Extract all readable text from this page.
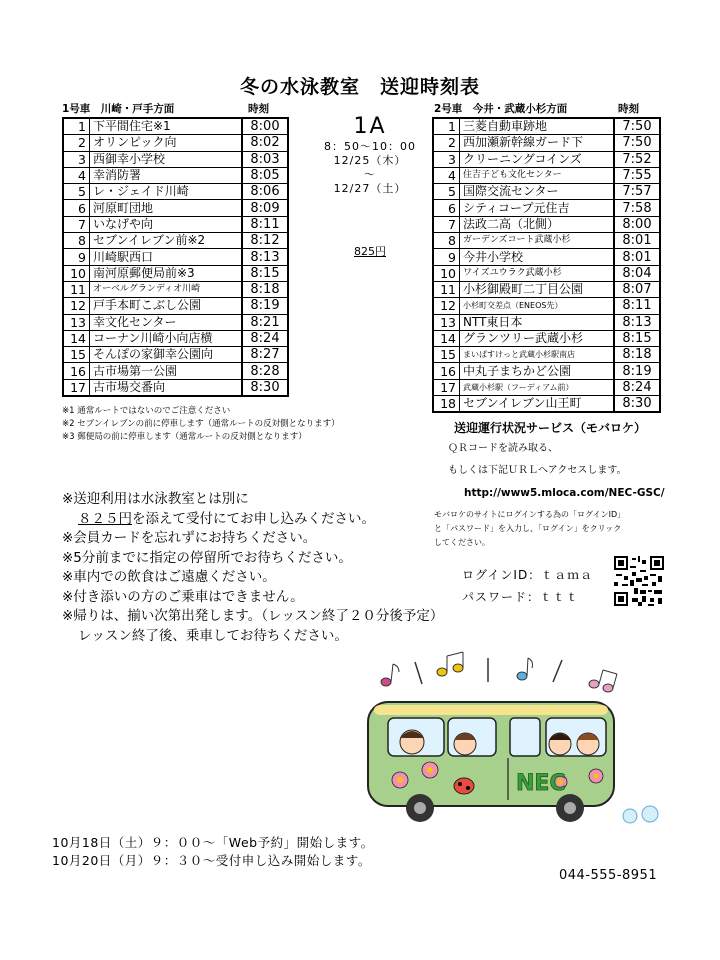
冬の水泳教室　送迎時刻表
1号車　川崎・戸手方面	時刻
1	下平間住宅※1	8:00
2	オリンピック向	8:02
3	西御幸小学校	8:03
4	幸消防署	8:05
5	レ・ジェイド川崎	8:06
6	河原町団地	8:09
7	いなげや向	8:11
8	セブンイレブン前※2	8:12
9	川崎駅西口	8:13
10	南河原郵便局前※3	8:15
11	オーベルグランディオ川崎	8:18
12	戸手本町こぶし公園	8:19
13	幸文化センター	8:21
14	コーナン川崎小向店横	8:24
15	そんぽの家御幸公園向	8:27
16	古市場第一公園	8:28
17	古市場交番向	8:30
2号車　今井・武蔵小杉方面	時刻
1	三菱自動車跡地	7:50
2	西加瀬新幹線ガード下	7:50
3	クリーニングコインズ	7:52
4	住吉子ども文化センター	7:55
5	国際交流センター	7:57
6	シティコープ元住吉	7:58
7	法政二高（北側）	8:00
8	ガーデンズコート武蔵小杉	8:01
9	今井小学校	8:01
10	ワイズユウラク武蔵小杉	8:04
11	小杉御殿町二丁目公園	8:07
12	小杉町交差点（ENEOS先）	8:11
13	NTT東日本	8:13
14	グランツリー武蔵小杉	8:15
15	まいばすけっと武蔵小杉駅南店	8:18
16	中丸子まちかど公園	8:19
17	武蔵小杉駅（フーディアム前）	8:24
18	セブンイレブン山王町	8:30
1A
8：50〜10：00
12/25（木）
〜
12/27（土）
825円
※1 通常ルートではないのでご注意ください
※2 セブンイレブンの前に停車します（通常ルートの反対側となります）
※3 郵便局の前に停車します（通常ルートの反対側となります）
送迎運行状況サービス（モバロケ）
ＱＲコードを読み取る、
もしくは下記ＵＲＬへアクセスします。
http://www5.mloca.com/NEC-GSC/
モバロケのサイトにログインする為の「ログインID」
と「パスワード」を入力し、「ログイン」をクリック
してください。
ログインID：ｔａｍａ
パスワード：ｔｔｔ
※送迎利用は水泳教室とは別に
８２５円を添えて受付にてお申し込みください。
※会員カードを忘れずにお持ちください。
※5分前までに指定の停留所でお待ちください。
※車内での飲食はご遠慮ください。
※付き添いの方のご乗車はできません。
※帰りは、揃い次第出発します。（レッスン終了２０分後予定）
レッスン終了後、乗車してお待ちください。
NEC
10月18日（土）９：００〜「Web予約」開始します。
10月20日（月）９：３０〜受付申し込み開始します。
044-555-8951
